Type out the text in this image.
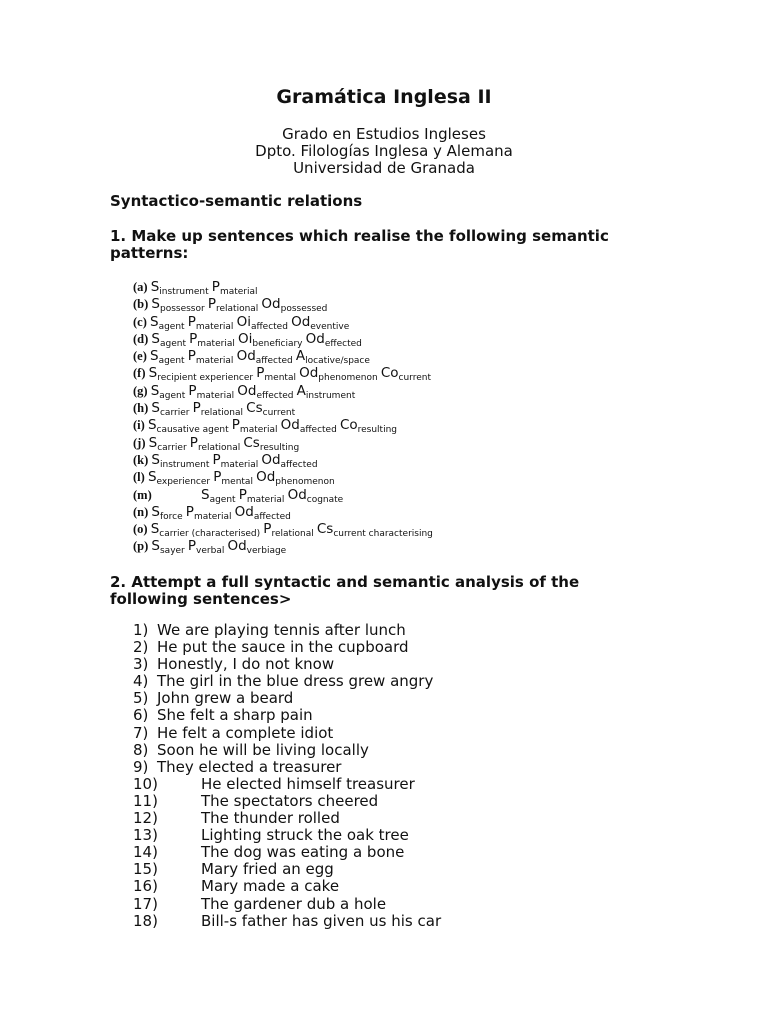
Gramática Inglesa II
Grado en Estudios Ingleses
Dpto. Filologías Inglesa y Alemana
Universidad de Granada
Syntactico-semantic relations
1. Make up sentences which realise the following semantic
patterns:
(a) $S_{instrument}$ $P_{material}$
(b) $S_{possessor}$ $P_{relational}$ $Od_{possessed}$
(c) $S_{agent}$ $P_{material}$ $Oi_{affected}$ $Od_{eventive}$
(d) $S_{agent}$ $P_{material}$ $Oi_{beneficiary}$ $Od_{effected}$
(e) $S_{agent}$ $P_{material}$ $Od_{affected}$ $A_{locative/space}$
(f) $S_{recipient experiencer}$ $P_{mental}$ $Od_{phenomenon}$ $Co_{current}$
(g) $S_{agent}$ $P_{material}$ $Od_{effected}$ $A_{instrument}$
(h) $S_{carrier}$ $P_{relational}$ $Cs_{current}$
(i) $S_{causative agent}$ $P_{material}$ $Od_{affected}$ $Co_{resulting}$
(j) $S_{carrier}$ $P_{relational}$ $Cs_{resulting}$
(k) $S_{instrument}$ $P_{material}$ $Od_{affected}$
(l) $S_{experiencer}$ $P_{mental}$ $Od_{phenomenon}$
(m)	$S_{agent}$ $P_{material}$ $Od_{cognate}$
(n) $S_{force}$ $P_{material}$ $Od_{affected}$
(o) $S_{carrier (characterised)}$ $P_{relational}$ $Cs_{current characterising}$
(p) $S_{sayer}$ $P_{verbal}$ $Od_{verbiage}$
2. Attempt a full syntactic and semantic analysis of the
following sentences>
1) We are playing tennis after lunch
2) He put the sauce in the cupboard
3) Honestly, I do not know
4) The girl in the blue dress grew angry
5) John grew a beard
6) She felt a sharp pain
7) He felt a complete idiot
8) Soon he will be living locally
9) They elected a treasurer
10)	He elected himself treasurer
11)	The spectators cheered
12)	The thunder rolled
13)	Lighting struck the oak tree
14)	The dog was eating a bone
15)	Mary fried an egg
16)	Mary made a cake
17)	The gardener dub a hole
18)	Bill-s father has given us his car
